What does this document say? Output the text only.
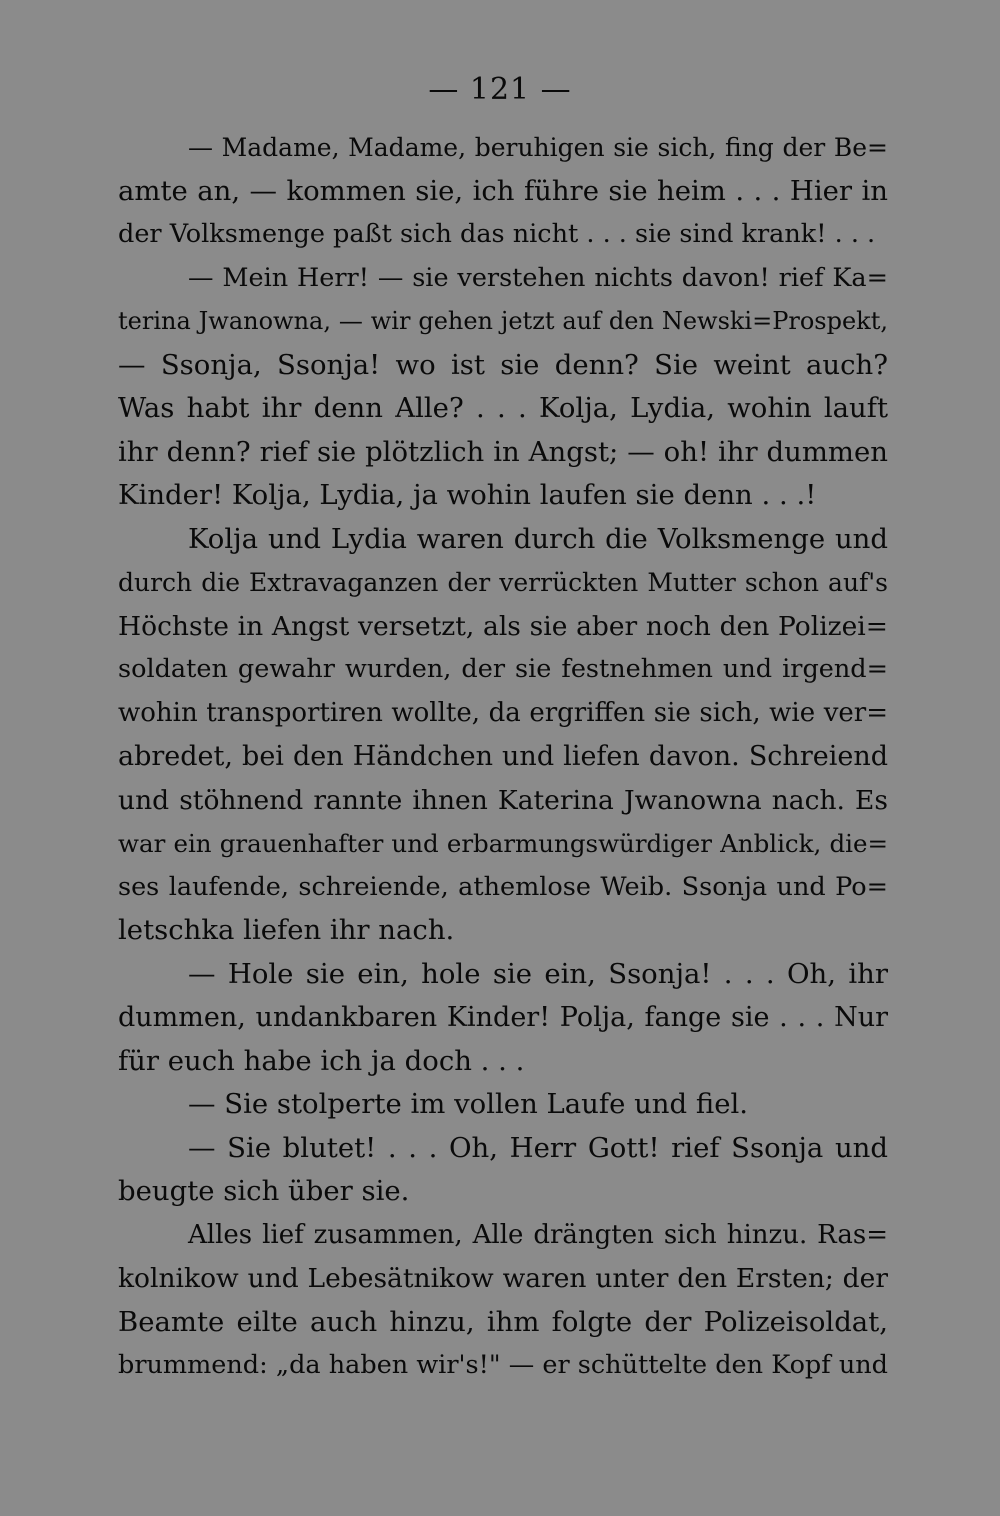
— 121 —
— Madame, Madame, beruhigen sie sich, fing der Be=
amte an, — kommen sie, ich führe sie heim . . . Hier in
der Volksmenge paßt sich das nicht . . . sie sind krank! . . .
— Mein Herr! — sie verstehen nichts davon! rief Ka=
terina Jwanowna, — wir gehen jetzt auf den Newski=Prospekt,
— Ssonja, Ssonja! wo ist sie denn? Sie weint auch?
Was habt ihr denn Alle? . . . Kolja, Lydia, wohin lauft
ihr denn? rief sie plötzlich in Angst; — oh! ihr dummen
Kinder! Kolja, Lydia, ja wohin laufen sie denn . . .!
Kolja und Lydia waren durch die Volksmenge und
durch die Extravaganzen der verrückten Mutter schon auf's
Höchste in Angst versetzt, als sie aber noch den Polizei=
soldaten gewahr wurden, der sie festnehmen und irgend=
wohin transportiren wollte, da ergriffen sie sich, wie ver=
abredet, bei den Händchen und liefen davon. Schreiend
und stöhnend rannte ihnen Katerina Jwanowna nach. Es
war ein grauenhafter und erbarmungswürdiger Anblick, die=
ses laufende, schreiende, athemlose Weib. Ssonja und Po=
letschka liefen ihr nach.
— Hole sie ein, hole sie ein, Ssonja! . . . Oh, ihr
dummen, undankbaren Kinder! Polja, fange sie . . . Nur
für euch habe ich ja doch . . .
— Sie stolperte im vollen Laufe und fiel.
— Sie blutet! . . . Oh, Herr Gott! rief Ssonja und
beugte sich über sie.
Alles lief zusammen, Alle drängten sich hinzu. Ras=
kolnikow und Lebesätnikow waren unter den Ersten; der
Beamte eilte auch hinzu, ihm folgte der Polizeisoldat,
brummend: „da haben wir's!" — er schüttelte den Kopf und
